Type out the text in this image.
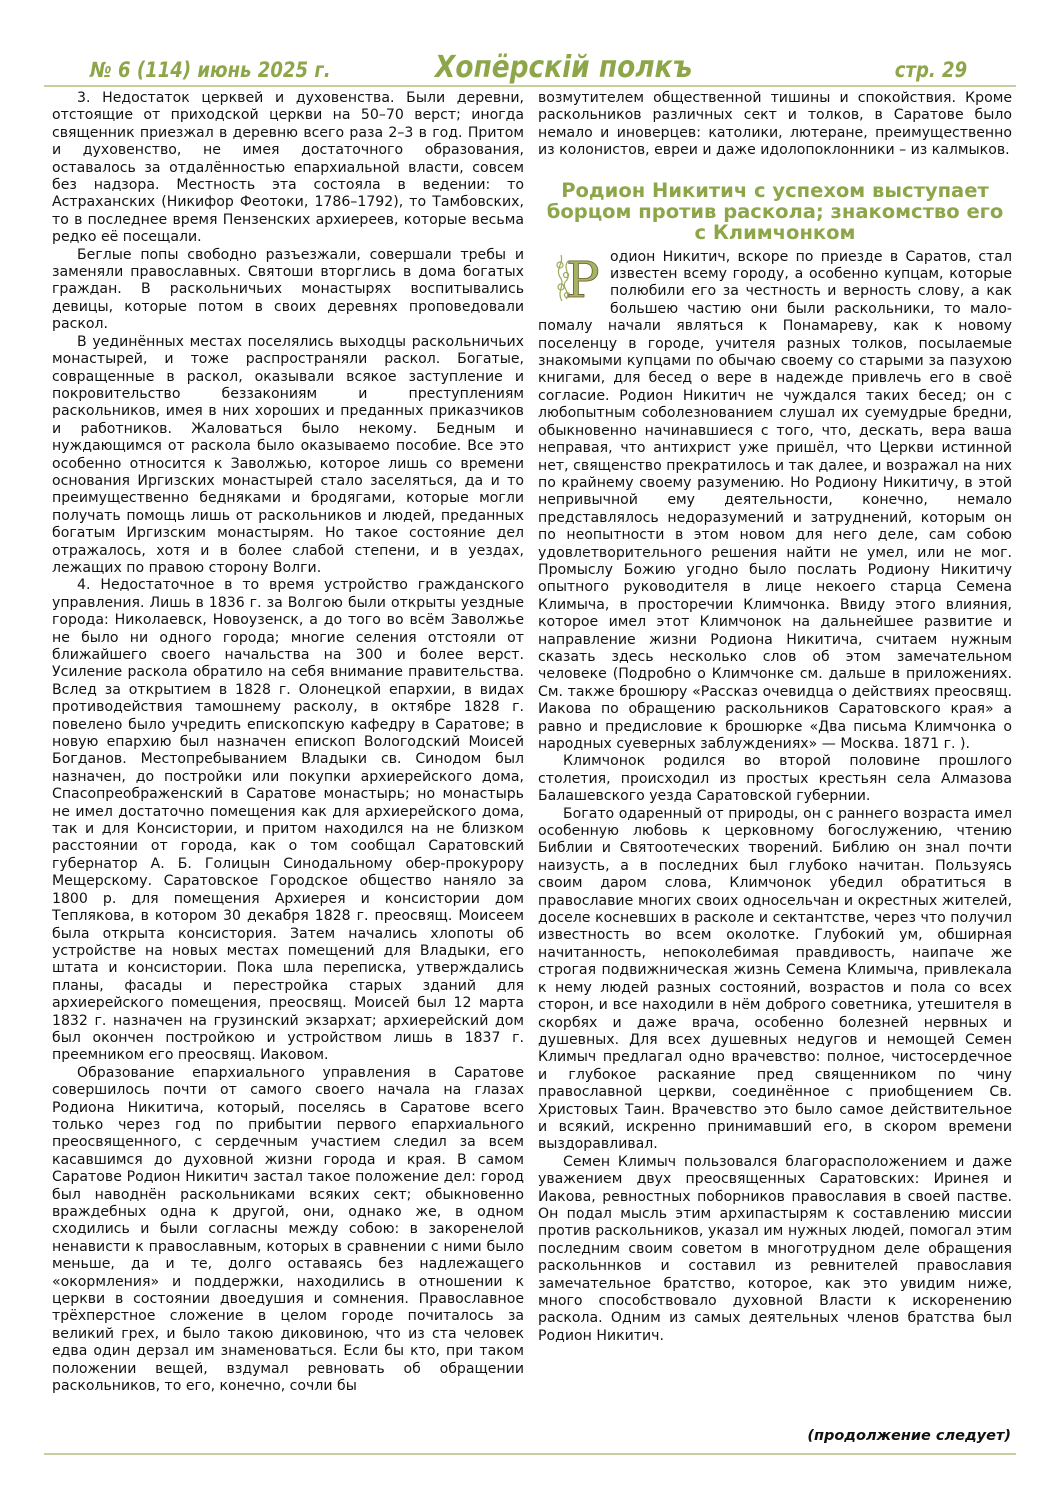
№ 6 (114) июнь 2025 г.	Хопёрскій полкъ	стр. 29

3. Недостаток церквей и духовенства. Были деревни, отстоящие от приходской церкви на 50–70 верст; иногда священник приезжал в деревню всего раза 2–3 в год. Притом и духовенство, не имея достаточного образования, оставалось за отдалённостью епархиальной власти, совсем без надзора. Местность эта состояла в ведении: то Астраханских (Никифор Феотоки, 1786–1792), то Тамбовских, то в последнее время Пензенских архиереев, которые весьма редко её посещали.

Беглые попы свободно разъезжали, совершали требы и заменяли православных. Святоши вторглись в дома богатых граждан. В раскольничьих монастырях воспитывались девицы, которые потом в своих деревнях проповедовали раскол.

В уединённых местах поселялись выходцы раскольничьих монастырей, и тоже распространяли раскол. Богатые, совращенные в раскол, оказывали всякое заступление и покровительство беззакониям и преступлениям раскольников, имея в них хороших и преданных приказчиков и работников. Жаловаться было некому. Бедным и нуждающимся от раскола было оказываемо пособие. Все это особенно относится к Заволжью, которое лишь со времени основания Иргизских монастырей стало заселяться, да и то преимущественно бедняками и бродягами, которые могли получать помощь лишь от раскольников и людей, преданных богатым Иргизским монастырям. Но такое состояние дел отражалось, хотя и в более слабой степени, и в уездах, лежащих по правою сторону Волги.

4. Недостаточное в то время устройство гражданского управления. Лишь в 1836 г. за Волгою были открыты уездные города: Николаевск, Новоузенск, а до того во всём Заволжье не было ни одного города; многие селения отстояли от ближайшего своего начальства на 300 и более верст. Усиление раскола обратило на себя внимание правительства. Вслед за открытием в 1828 г. Олонецкой епархии, в видах противодействия тамошнему расколу, в октябре 1828 г. повелено было учредить епископскую кафедру в Саратове; в новую епархию был назначен епископ Вологодский Моисей Богданов. Местопребыванием Владыки св. Синодом был назначен, до постройки или покупки архиерейского дома, Спасопреображенский в Саратове монастырь; но монастырь не имел достаточно помещения как для архиерейского дома, так и для Консистории, и притом находился на не близком расстоянии от города, как о том сообщал Саратовский губернатор А. Б. Голицын Синодальному обер-прокурору Мещерскому. Саратовское Городское общество наняло за 1800 р. для помещения Архиерея и консистории дом Теплякова, в котором 30 декабря 1828 г. преосвящ. Моисеем была открыта консистория. Затем начались хлопоты об устройстве на новых местах помещений для Владыки, его штата и консистории. Пока шла переписка, утверждались планы, фасады и перестройка старых зданий для архиерейского помещения, преосвящ. Моисей был 12 марта 1832 г. назначен на грузинский экзархат; архиерейский дом был окончен постройкою и устройством лишь в 1837 г. преемником его преосвящ. Иаковом.

Образование епархиального управления в Саратове совершилось почти от самого своего начала на глазах Родиона Никитича, который, поселясь в Саратове всего только через год по прибытии первого епархиального преосвященного, с сердечным участием следил за всем касавшимся до духовной жизни города и края. В самом Саратове Родион Никитич застал такое положение дел: город был наводнён раскольниками всяких сект; обыкновенно враждебных одна к другой, они, однако же, в одном сходились и были согласны между собою: в закоренелой ненависти к православным, которых в сравнении с ними было меньше, да и те, долго оставаясь без надлежащего «окормления» и поддержки, находились в отношении к церкви в состоянии двоедушия и сомнения. Православное трёхперстное сложение в целом городе почиталось за великий грех, и было такою диковиною, что из ста человек едва один дерзал им знаменоваться. Если бы кто, при таком положении вещей, вздумал ревновать об обращении раскольников, то его, конечно, сочли бы

возмутителем общественной тишины и спокойствия. Кроме раскольников различных сект и толков, в Саратове было немало и иноверцев: католики, лютеране, преимущественно из колонистов, евреи и даже идолопоклонники – из калмыков.

Родион Никитич с успехом выступает борцом против раскола; знакомство его с Климчонком

Р одион Никитич, вскоре по приезде в Саратов, стал известен всему городу, а особенно купцам, которые полюбили его за честность и верность слову, а как большею частию они были раскольники, то мало-помалу начали являться к Понамареву, как к новому поселенцу в городе, учителя разных толков, посылаемые знакомыми купцами по обычаю своему со старыми за пазухою книгами, для бесед о вере в надежде привлечь его в своё согласие. Родион Никитич не чуждался таких бесед; он с любопытным соболезнованием слушал их суемудрые бредни, обыкновенно начинавшиеся с того, что, дескать, вера ваша неправая, что антихрист уже пришёл, что Церкви истинной нет, священство прекратилось и так далее, и возражал на них по крайнему своему разумению. Но Родиону Никитичу, в этой непривычной ему деятельности, конечно, немало представлялось недоразумений и затруднений, которым он по неопытности в этом новом для него деле, сам собою удовлетворительного решения найти не умел, или не мог. Промыслу Божию угодно было послать Родиону Никитичу опытного руководителя в лице некоего старца Семена Климыча, в просторечии Климчонка. Ввиду этого влияния, которое имел этот Климчонок на дальнейшее развитие и направление жизни Родиона Никитича, считаем нужным сказать здесь несколько слов об этом замечательном человеке (Подробно о Климчонке см. дальше в приложениях. См. также брошюру «Рассказ очевидца о действиях преосвящ. Иакова по обращению раскольников Саратовского края» а равно и предисловие к брошюрке «Два письма Климчонка о народных суеверных заблуждениях» — Москва. 1871 г. ).

Климчонок родился во второй половине прошлого столетия, происходил из простых крестьян села Алмазова Балашевского уезда Саратовской губернии.

Богато одаренный от природы, он с раннего возраста имел особенную любовь к церковному богослужению, чтению Библии и Святоотеческих творений. Библию он знал почти наизусть, а в последних был глубоко начитан. Пользуясь своим даром слова, Климчонок убедил обратиться в православие многих своих односельчан и окрестных жителей, доселе косневших в расколе и сектантстве, через что получил известность во всем околотке. Глубокий ум, обширная начитанность, непоколебимая правдивость, наипаче же строгая подвижническая жизнь Семена Климыча, привлекала к нему людей разных состояний, возрастов и пола со всех сторон, и все находили в нём доброго советника, утешителя в скорбях и даже врача, особенно болезней нервных и душевных. Для всех душевных недугов и немощей Семен Климыч предлагал одно врачевство: полное, чистосердечное и глубокое раскаяние пред священником по чину православной церкви, соединённое с приобщением Св. Христовых Таин. Врачевство это было самое действительное и всякий, искренно принимавший его, в скором времени выздоравливал.

Семен Климыч пользовался благорасположением и даже уважением двух преосвященных Саратовских: Иринея и Иакова, ревностных поборников православия в своей пастве. Он подал мысль этим архипастырям к составлению миссии против раскольников, указал им нужных людей, помогал этим последним своим советом в многотрудном деле обращения раскольннков и составил из ревнителей православия замечательное братство, которое, как это увидим ниже, много способствовало духовной Власти к искоренению раскола. Одним из самых деятельных членов братства был Родион Никитич.

(продолжение следует)
